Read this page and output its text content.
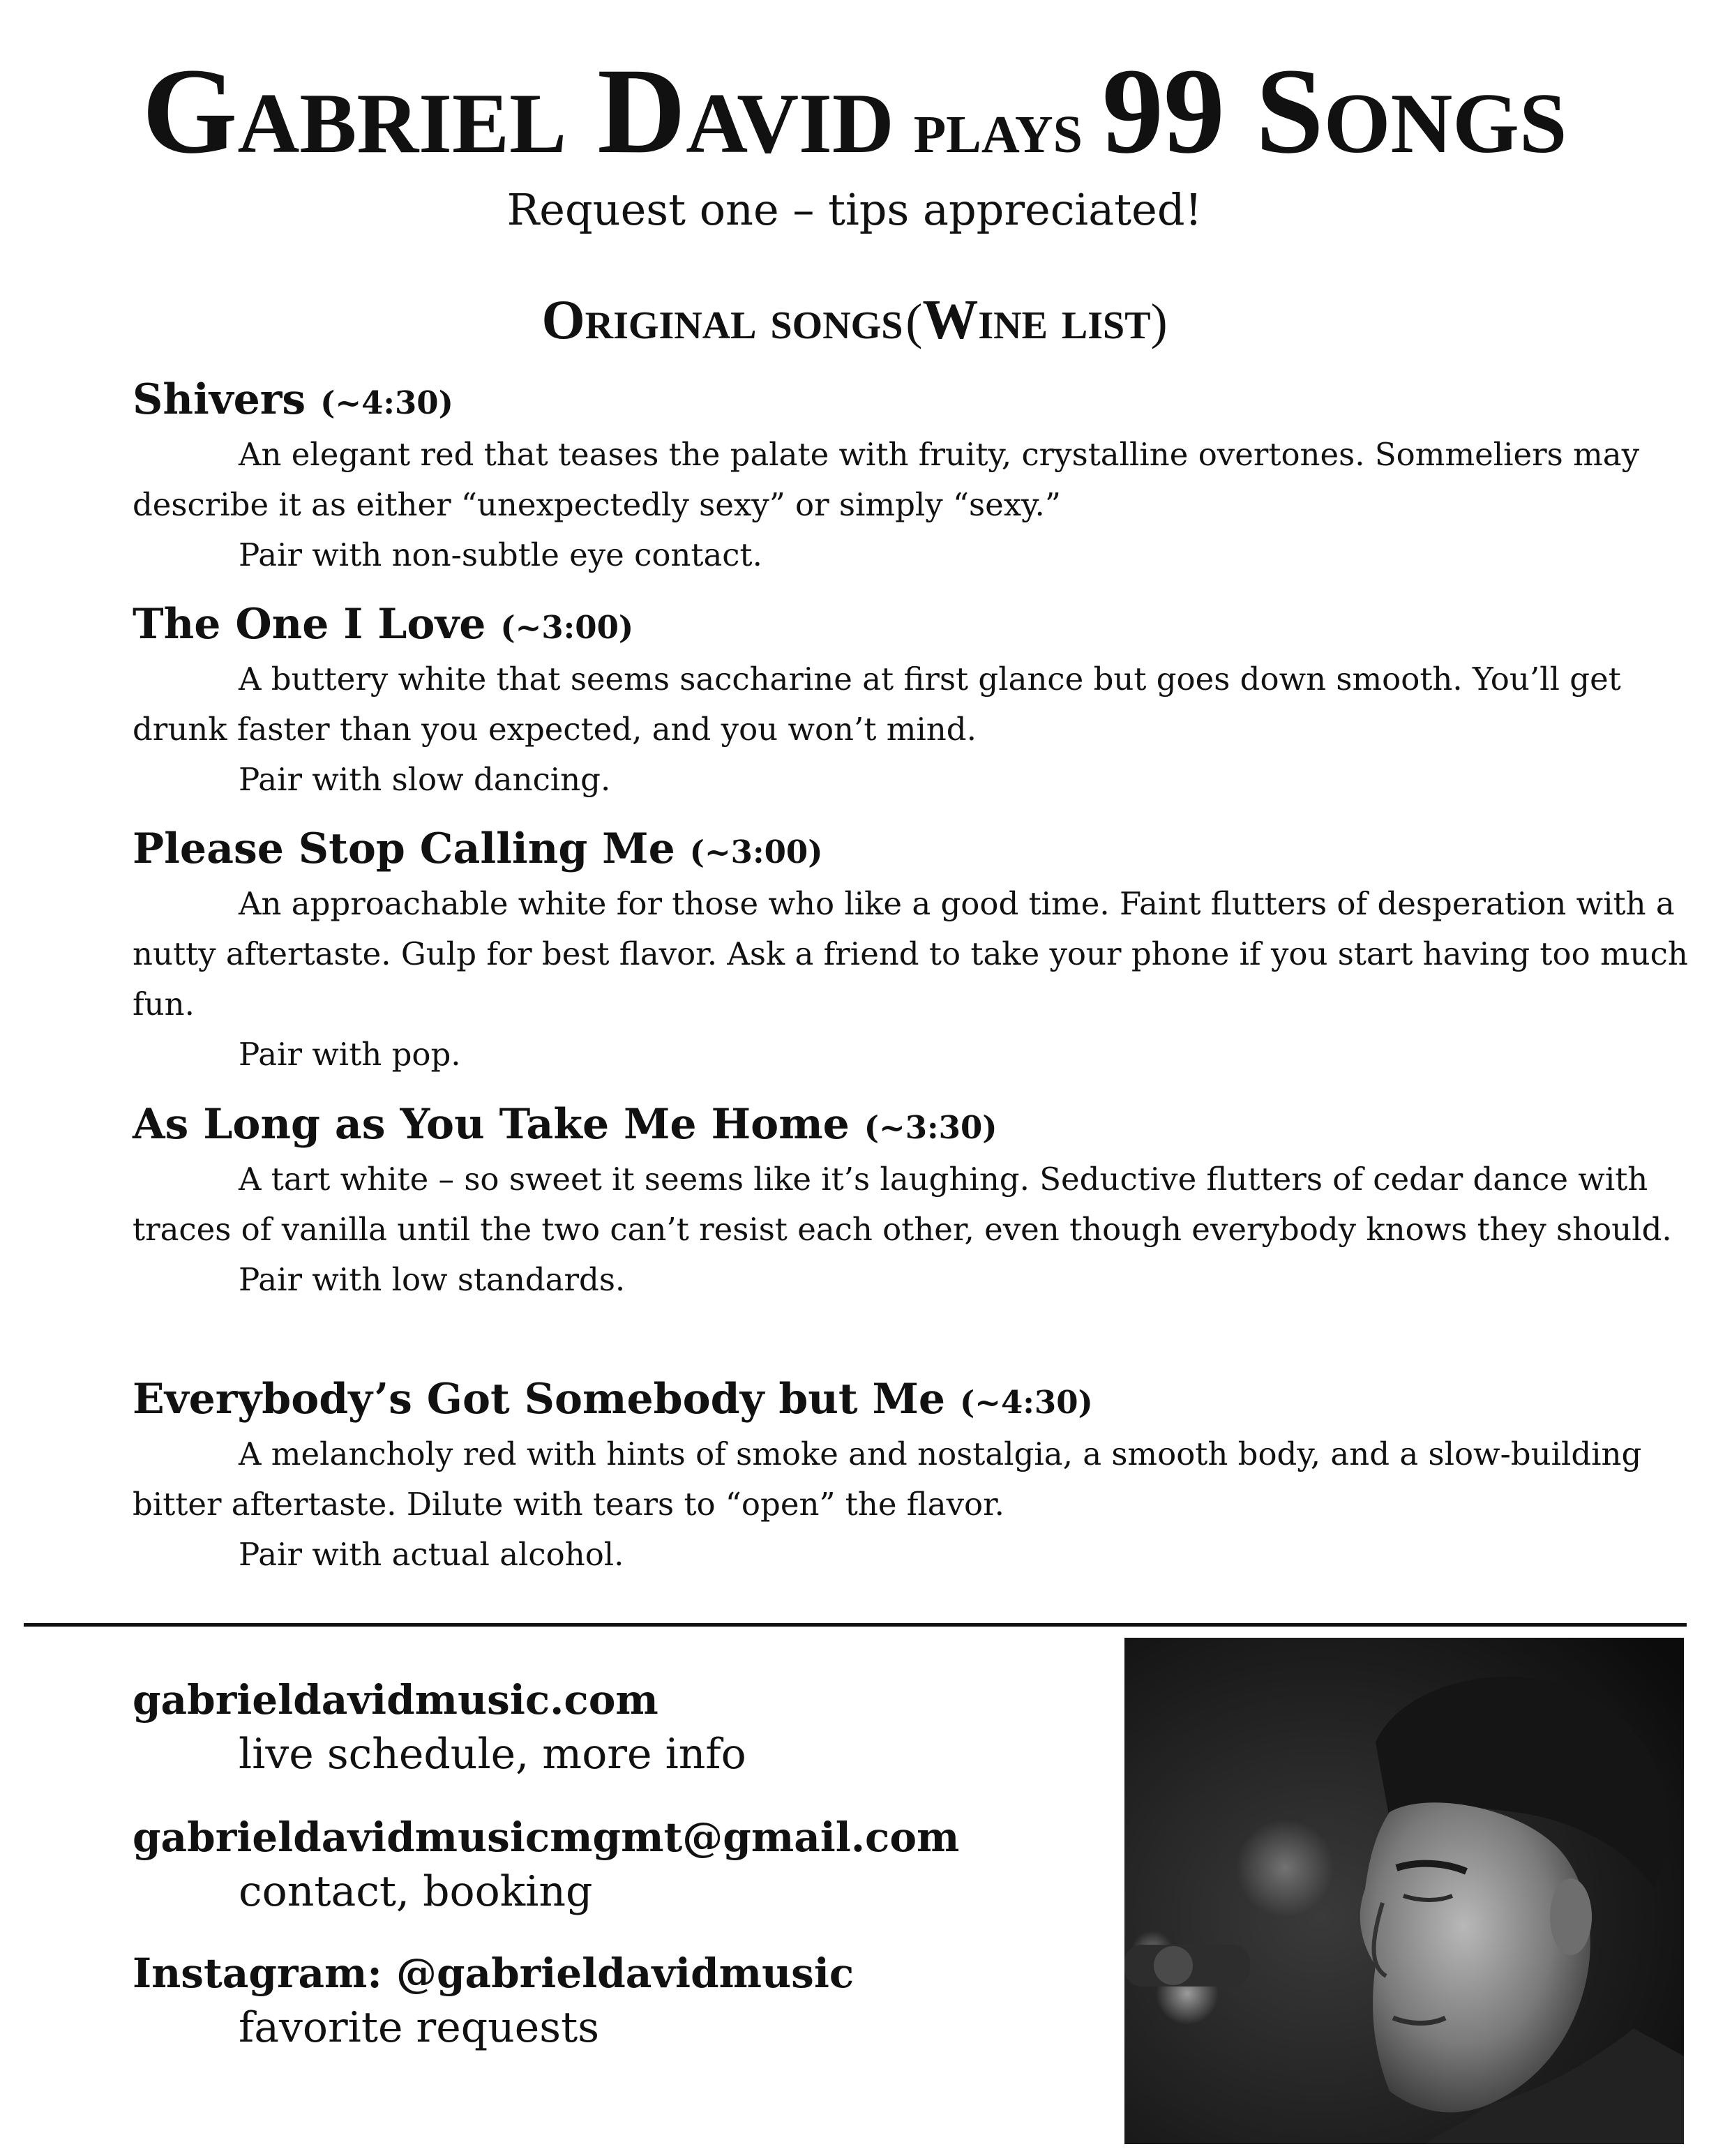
Gabriel David plays 99 Songs
Request one – tips appreciated!
Original songs (Wine list)
Shivers (~4:30)

An elegant red that teases the palate with fruity, crystalline overtones. Sommeliers may describe it as either “unexpectedly sexy” or simply “sexy.”

Pair with non-subtle eye contact.

The One I Love (~3:00)

A buttery white that seems saccharine at first glance but goes down smooth. You’ll get drunk faster than you expected, and you won’t mind.

Pair with slow dancing.

Please Stop Calling Me (~3:00)

An approachable white for those who like a good time. Faint flutters of desperation with a nutty aftertaste. Gulp for best flavor. Ask a friend to take your phone if you start having too much fun.

Pair with pop.

As Long as You Take Me Home (~3:30)

A tart white – so sweet it seems like it’s laughing. Seductive flutters of cedar dance with traces of vanilla until the two can’t resist each other, even though everybody knows they should.

Pair with low standards.

Everybody’s Got Somebody but Me (~4:30)

A melancholy red with hints of smoke and nostalgia, a smooth body, and a slow-building bitter aftertaste. Dilute with tears to “open” the flavor.

Pair with actual alcohol.

gabrieldavidmusic.com
live schedule, more info
gabrieldavidmusicmgmt@gmail.com
contact, booking
Instagram: @gabrieldavidmusic
favorite requests
